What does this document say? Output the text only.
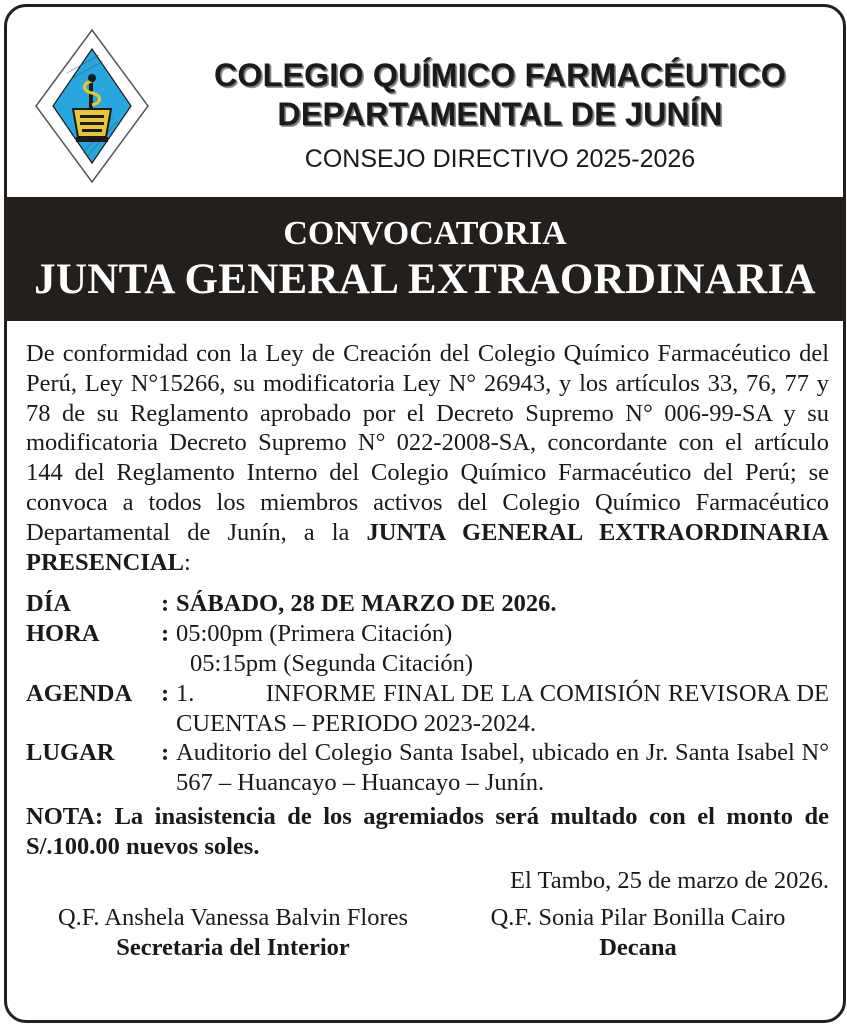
COLEGIO QUÍMICO FARMACÉUTICO
DEPARTAMENTAL DE JUNÍN
CONSEJO DIRECTIVO 2025-2026
CONVOCATORIA
JUNTA GENERAL EXTRAORDINARIA

De conformidad con la Ley de Creación del Colegio Químico Farmacéutico del Perú, Ley N°15266, su modificatoria Ley N° 26943, y los artículos 33, 76, 77 y 78 de su Reglamento aprobado por el Decreto Supremo N° 006-99-SA y su modificatoria Decreto Supremo N° 022-2008-SA, concordante con el artículo 144 del Reglamento Interno del Colegio Químico Farmacéutico del Perú; se convoca a todos los miembros activos del Colegio Químico Farmacéutico Departamental de Junín, a la JUNTA GENERAL EXTRAORDINARIA PRESENCIAL:

DÍA	: SÁBADO, 28 DE MARZO DE 2026.
HORA	: 05:00pm (Primera Citación)
05:15pm (Segunda Citación)
AGENDA	: 1.          INFORME FINAL DE LA COMISIÓN REVISORA DE CUENTAS – PERIODO 2023-2024.
LUGAR	: Auditorio del Colegio Santa Isabel, ubicado en Jr. Santa Isabel N° 567 – Huancayo – Huancayo – Junín.

NOTA: La inasistencia de los agremiados será multado con el monto de S/.100.00 nuevos soles.

El Tambo, 25 de marzo de 2026.
Q.F. Anshela Vanessa Balvin Flores
Secretaria del Interior
Q.F. Sonia Pilar Bonilla Cairo
Decana
